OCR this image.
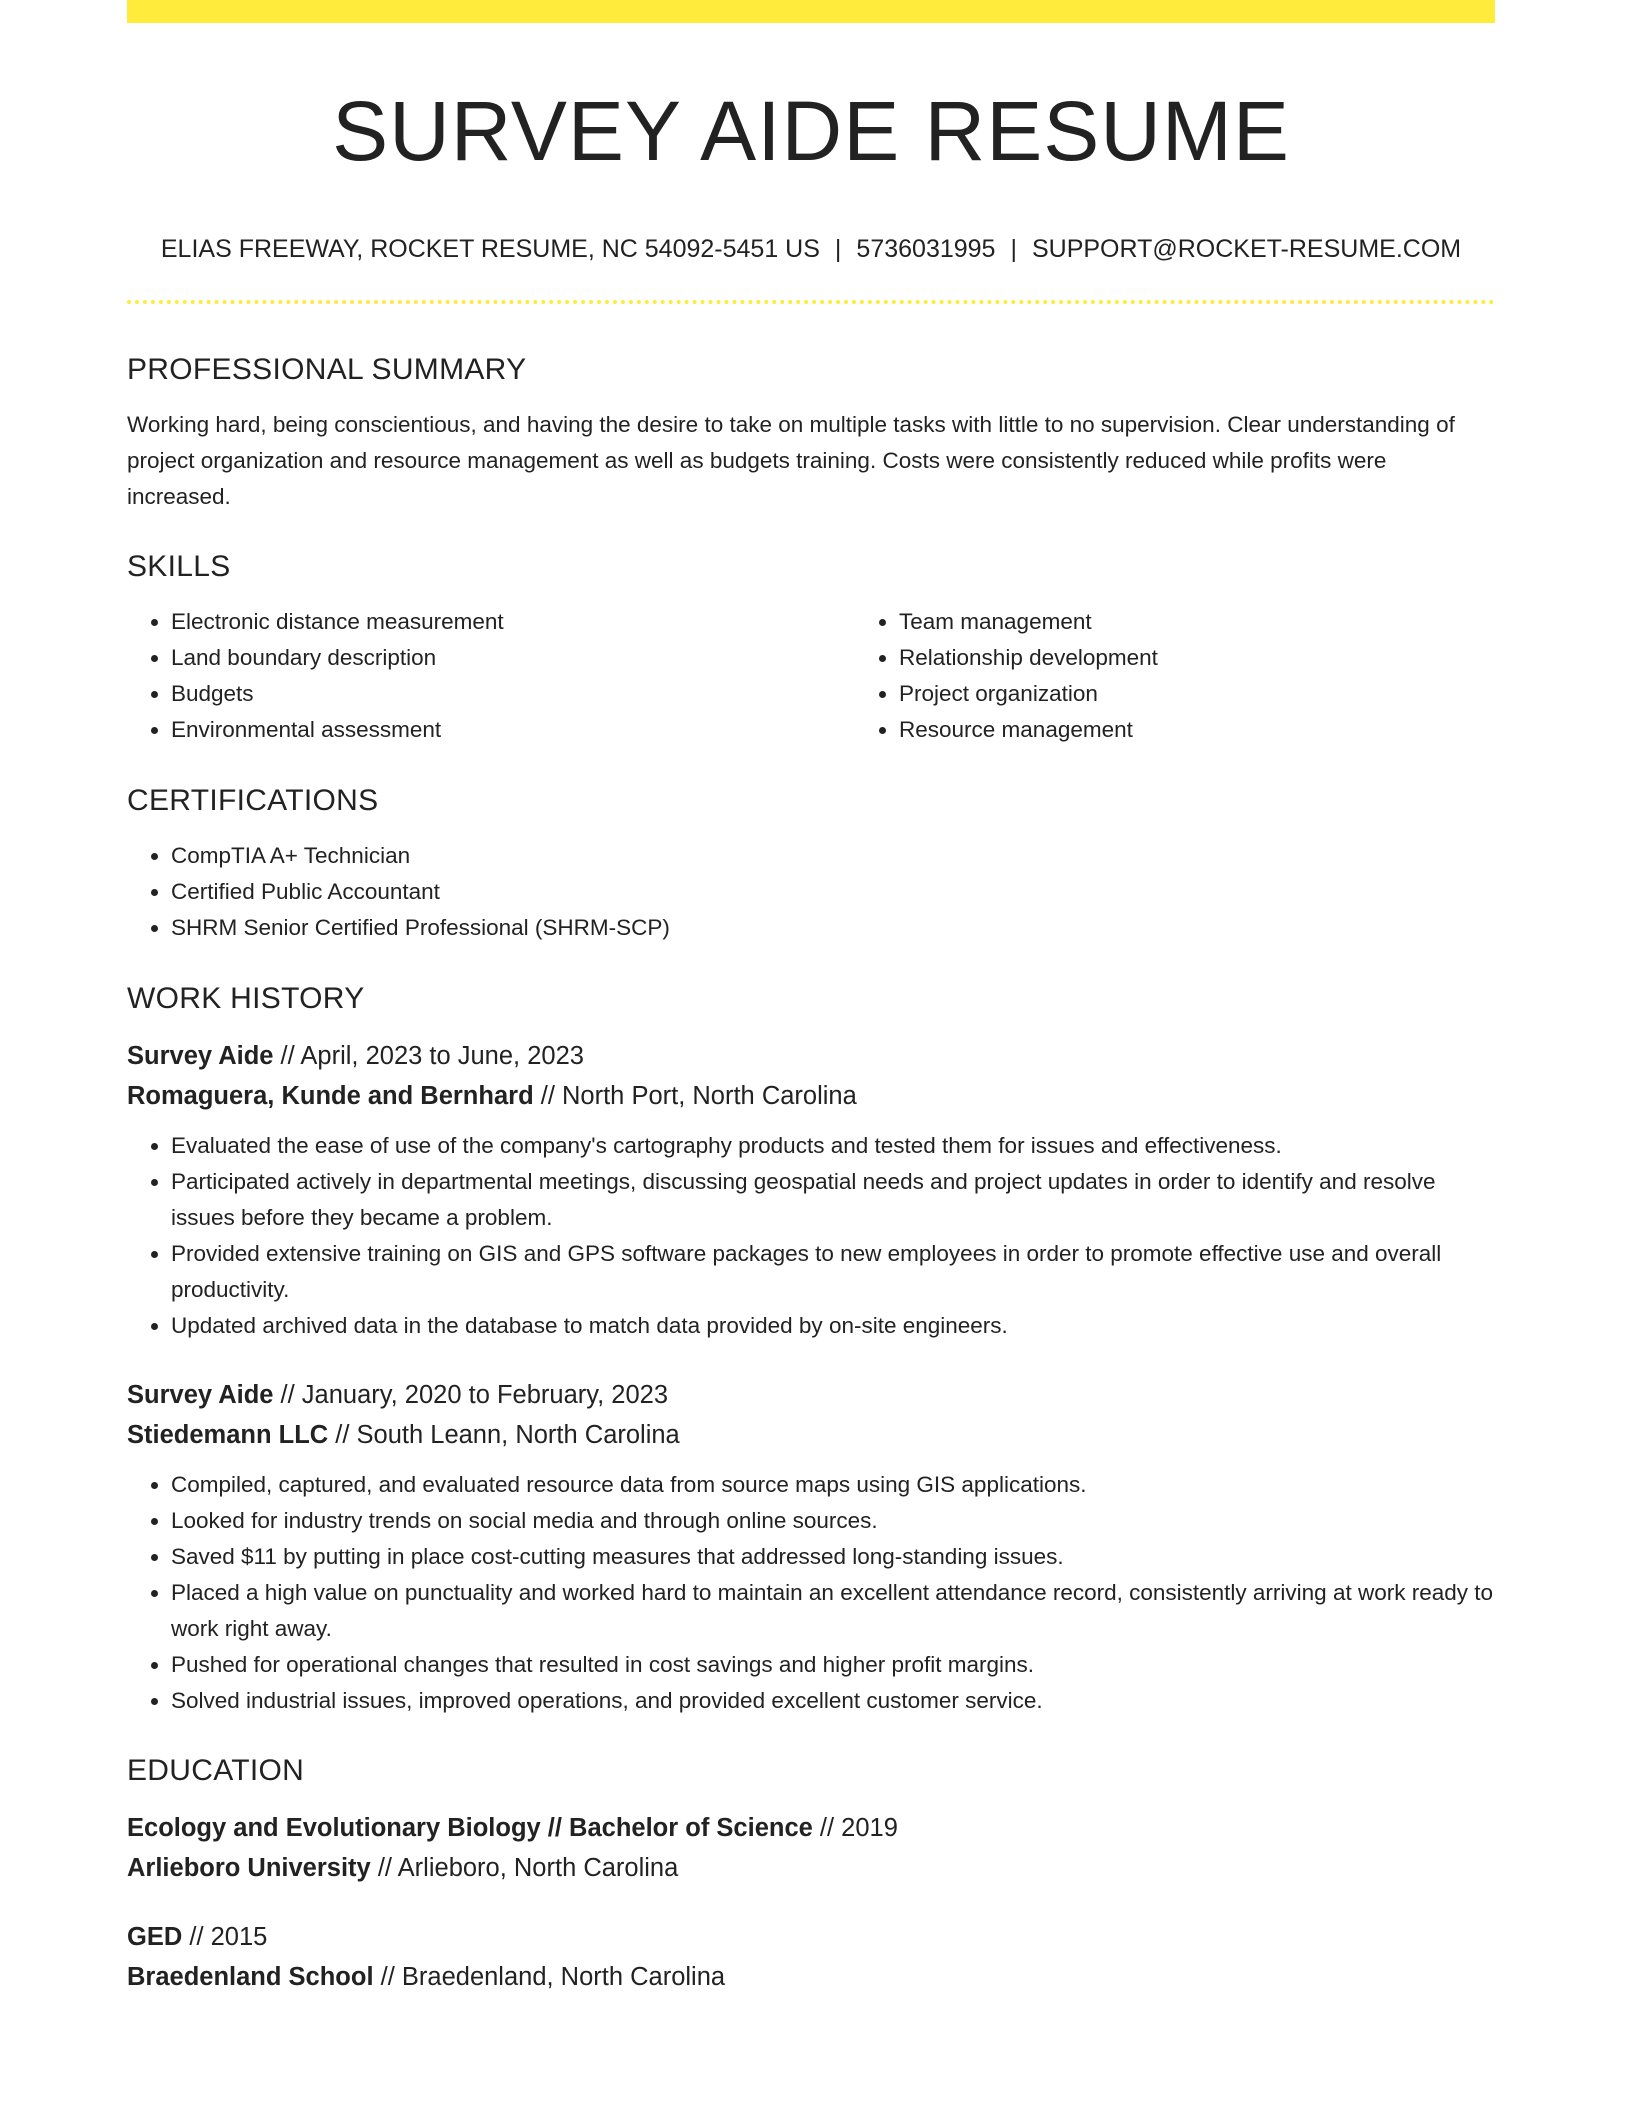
SURVEY AIDE RESUME
ELIAS FREEWAY, ROCKET RESUME, NC 54092-5451 US | 5736031995 | SUPPORT@ROCKET-RESUME.COM
PROFESSIONAL SUMMARY

Working hard, being conscientious, and having the desire to take on multiple tasks with little to no supervision. Clear understanding of project organization and resource management as well as budgets training. Costs were consistently reduced while profits were increased.

SKILLS
• Electronic distance measurement
• Land boundary description
• Budgets
• Environmental assessment
• Team management
• Relationship development
• Project organization
• Resource management
CERTIFICATIONS
• CompTIA A+ Technician
• Certified Public Accountant
• SHRM Senior Certified Professional (SHRM-SCP)
WORK HISTORY

Survey Aide // April, 2023 to June, 2023

Romaguera, Kunde and Bernhard // North Port, North Carolina

• Evaluated the ease of use of the company's cartography products and tested them for issues and effectiveness.
• Participated actively in departmental meetings, discussing geospatial needs and project updates in order to identify and resolve issues before they became a problem.
• Provided extensive training on GIS and GPS software packages to new employees in order to promote effective use and overall productivity.
• Updated archived data in the database to match data provided by on-site engineers.

Survey Aide // January, 2020 to February, 2023

Stiedemann LLC // South Leann, North Carolina

• Compiled, captured, and evaluated resource data from source maps using GIS applications.
• Looked for industry trends on social media and through online sources.
• Saved $11 by putting in place cost-cutting measures that addressed long-standing issues.
• Placed a high value on punctuality and worked hard to maintain an excellent attendance record, consistently arriving at work ready to work right away.
• Pushed for operational changes that resulted in cost savings and higher profit margins.
• Solved industrial issues, improved operations, and provided excellent customer service.
EDUCATION

Ecology and Evolutionary Biology // Bachelor of Science // 2019

Arlieboro University // Arlieboro, North Carolina

GED // 2015

Braedenland School // Braedenland, North Carolina
